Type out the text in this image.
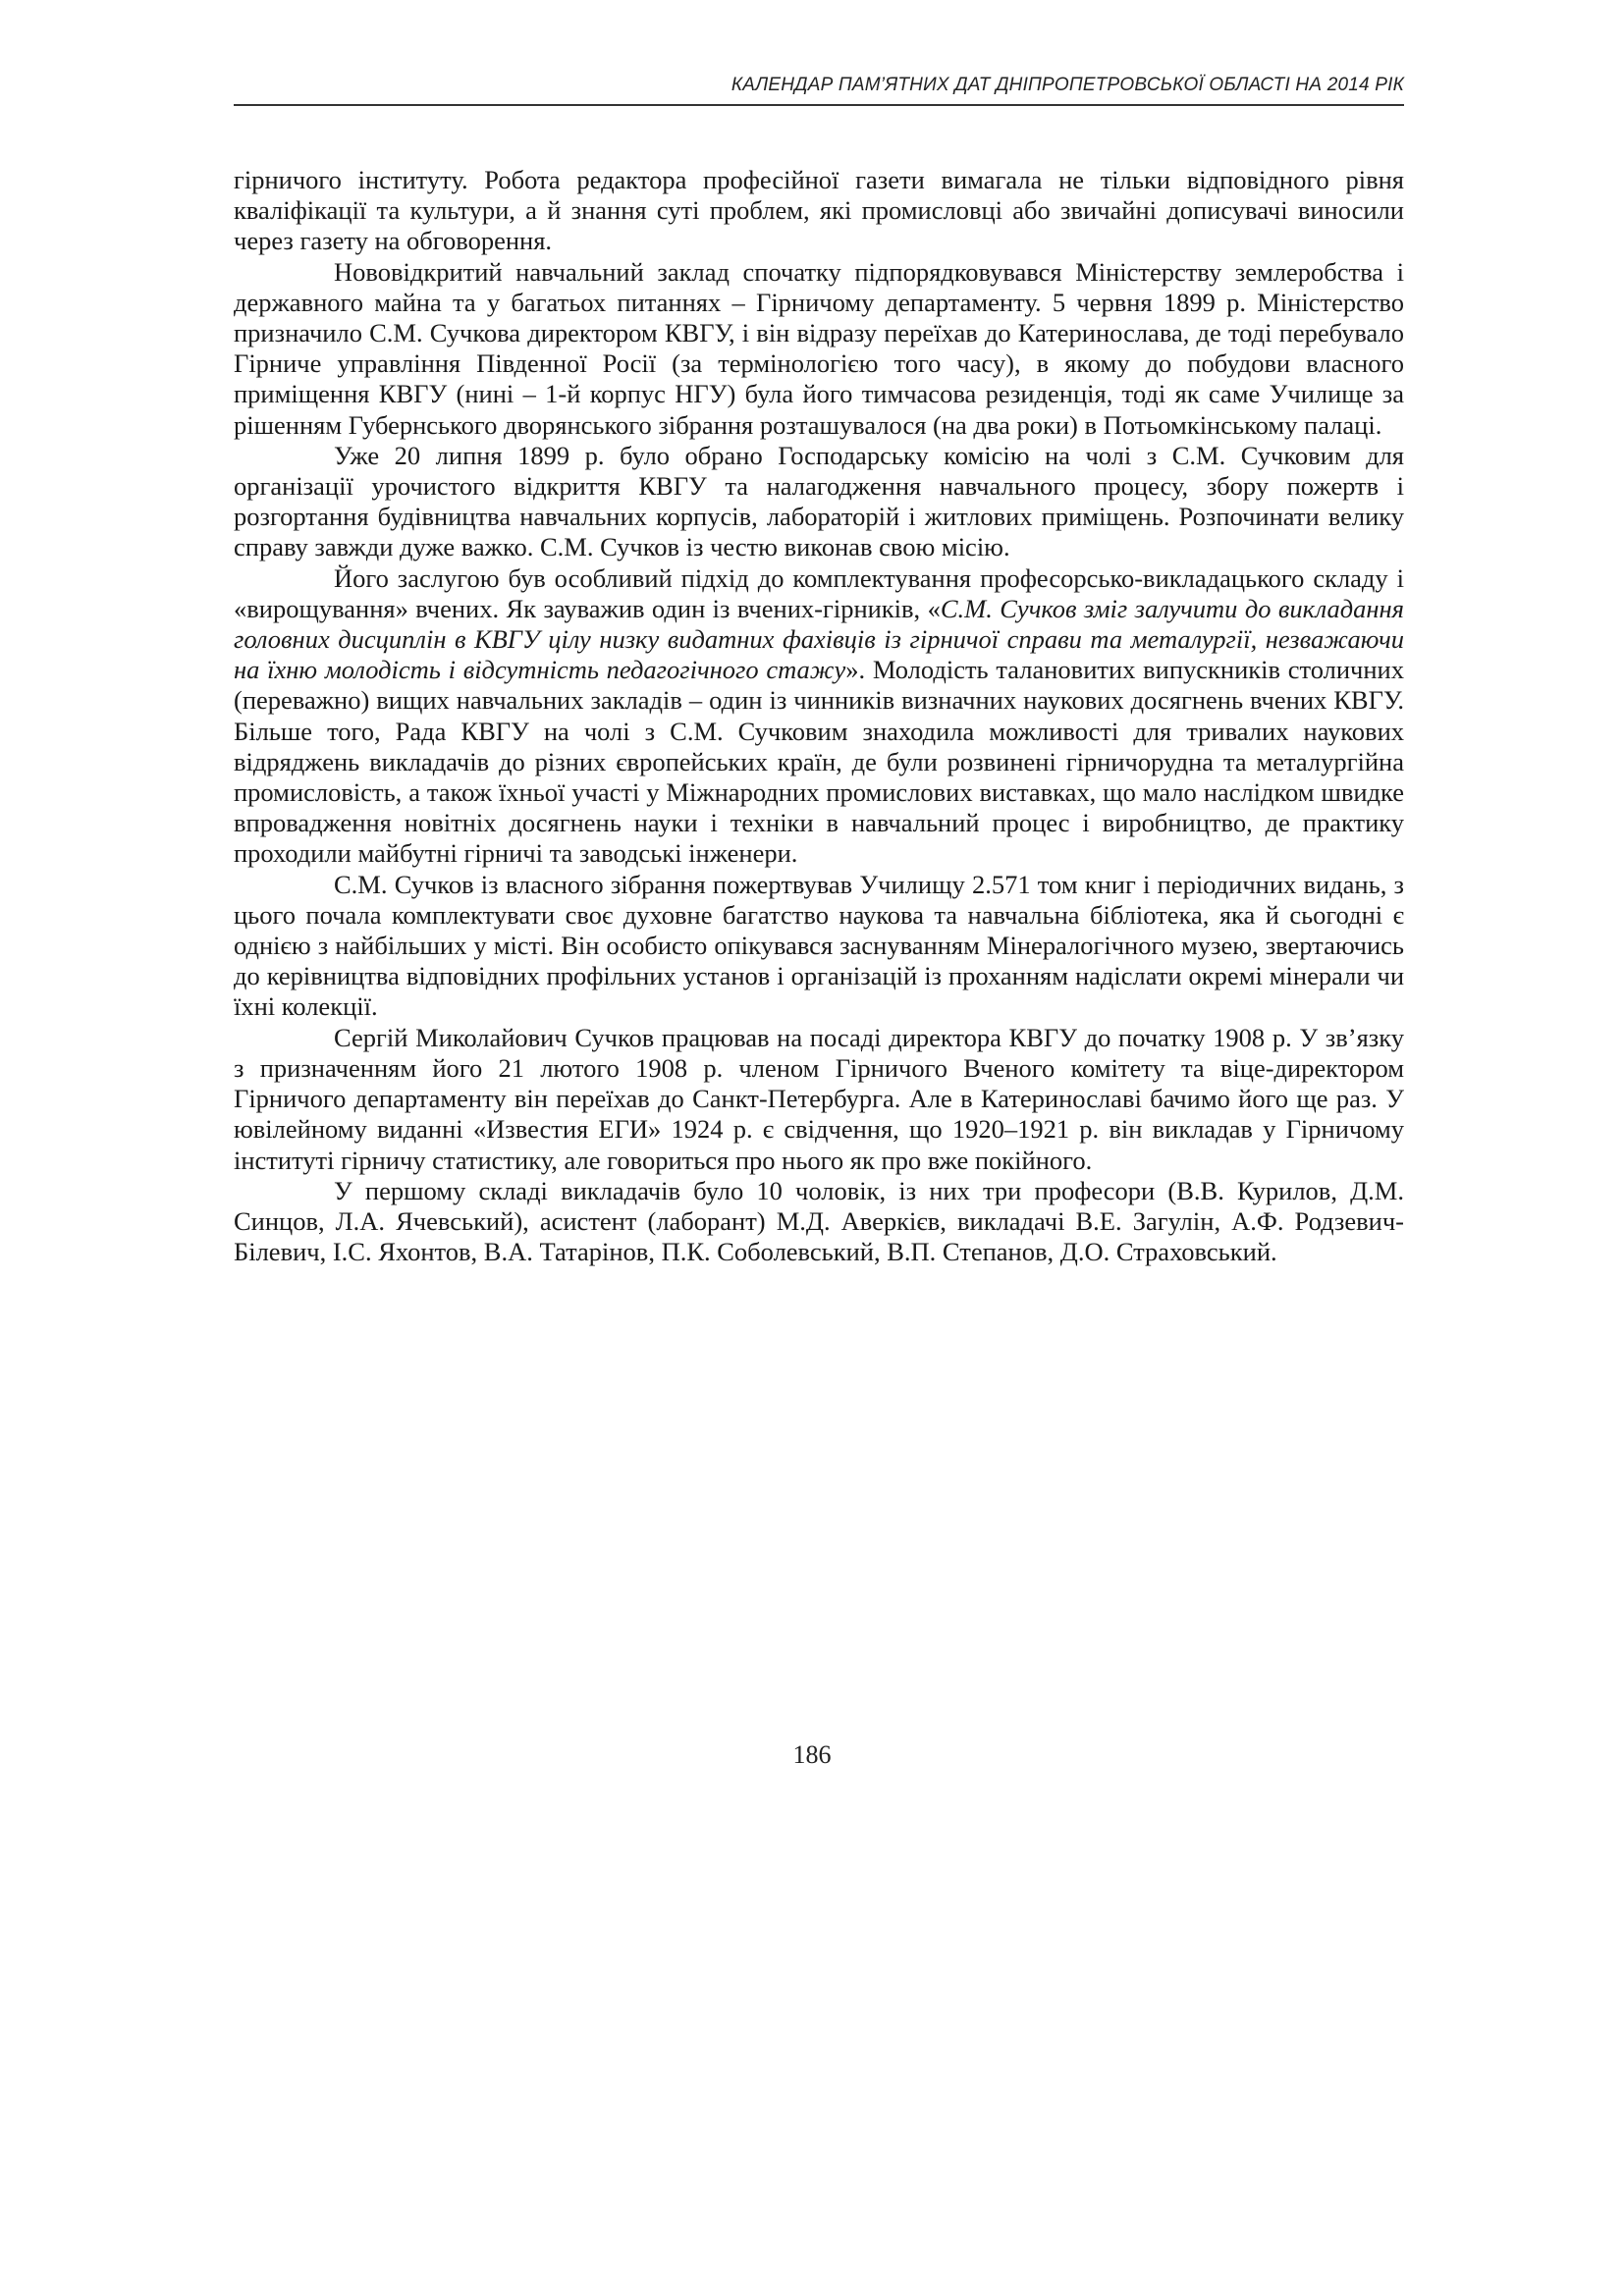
КАЛЕНДАР ПАМ’ЯТНИХ ДАТ ДНІПРОПЕТРОВСЬКОЇ ОБЛАСТІ НА 2014 РІК

гірничого інституту. Робота редактора професійної газети вимагала не тільки відповідного рівня кваліфікації та культури, а й знання суті проблем, які промисловці або звичайні дописувачі виносили через газету на обговорення.

Нововідкритий навчальний заклад спочатку підпорядковувався Міністерству землеробства і державного майна та у багатьох питаннях – Гірничому департаменту. 5 червня 1899 р. Міністерство призначило С.М. Сучкова директором КВГУ, і він відразу переїхав до Катеринослава, де тоді перебувало Гірниче управління Південної Росії (за термінологією того часу), в якому до побудови власного приміщення КВГУ (нині – 1-й корпус НГУ) була його тимчасова резиденція, тоді як саме Училище за рішенням Губернського дворянського зібрання розташувалося (на два роки) в Потьомкінському палаці.

Уже 20 липня 1899 р. було обрано Господарську комісію на чолі з С.М. Сучковим для організації урочистого відкриття КВГУ та налагодження навчального процесу, збору пожертв і розгортання будівництва навчальних корпусів, лабораторій і житлових приміщень. Розпочинати велику справу завжди дуже важко. С.М. Сучков із честю виконав свою місію.

Його заслугою був особливий підхід до комплектування професорсько-викладацького складу і «вирощування» вчених. Як зауважив один із вчених-гірників, «С.М. Сучков зміг залучити до викладання головних дисциплін в КВГУ цілу низку видатних фахівців із гірничої справи та металургії, незважаючи на їхню молодість і відсутність педагогічного стажу». Молодість талановитих випускників столичних (переважно) вищих навчальних закладів – один із чинників визначних наукових досягнень вчених КВГУ. Більше того, Рада КВГУ на чолі з С.М. Сучковим знаходила можливості для тривалих наукових відряджень викладачів до різних європейських країн, де були розвинені гірничорудна та металургійна промисловість, а також їхньої участі у Міжнародних промислових виставках, що мало наслідком швидке впровадження новітніх досягнень науки і техніки в навчальний процес і виробництво, де практику проходили майбутні гірничі та заводські інженери.

С.М. Сучков із власного зібрання пожертвував Училищу 2.571 том книг і періодичних видань, з цього почала комплектувати своє духовне багатство наукова та навчальна бібліотека, яка й сьогодні є однією з найбільших у місті. Він особисто опікувався заснуванням Мінералогічного музею, звертаючись до керівництва відповідних профільних установ і організацій із проханням надіслати окремі мінерали чи їхні колекції.

Сергій Миколайович Сучков працював на посаді директора КВГУ до початку 1908 р. У зв’язку з призначенням його 21 лютого 1908 р. членом Гірничого Вченого комітету та віце-директором Гірничого департаменту він переїхав до Санкт-Петербурга. Але в Катеринославі бачимо його ще раз. У ювілейному виданні «Известия ЕГИ» 1924 р. є свідчення, що 1920–1921 р. він викладав у Гірничому інституті гірничу статистику, але говориться про нього як про вже покійного.

У першому складі викладачів було 10 чоловік, із них три професори (В.В. Курилов, Д.М. Синцов, Л.А. Ячевський), асистент (лаборант) М.Д. Аверкієв, викладачі В.Е. Загулін, А.Ф. Родзевич-Білевич, І.С. Яхонтов, В.А. Татарінов, П.К. Соболевський, В.П. Степанов, Д.О. Страховський.

186
